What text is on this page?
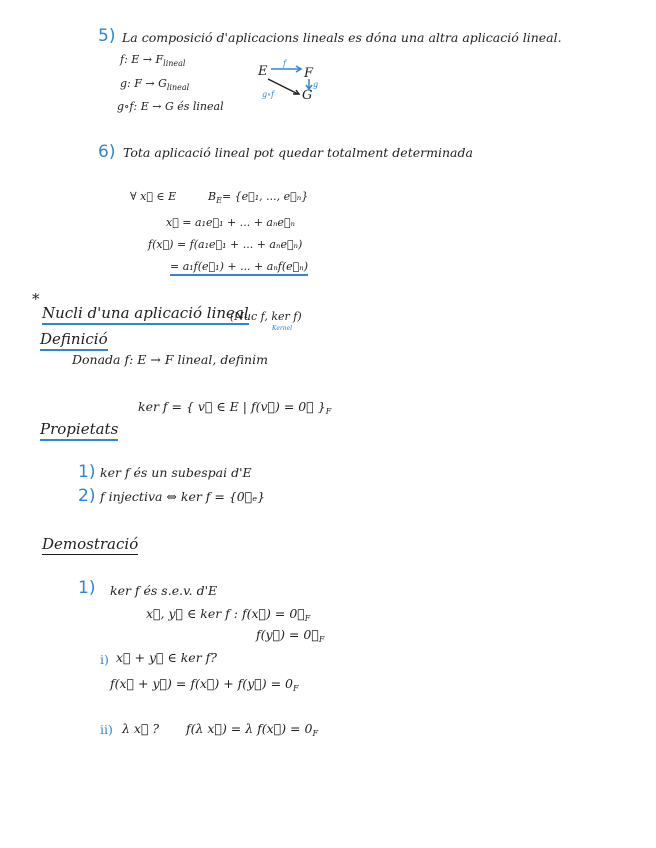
5) La composició d'aplicacions lineals es dóna una altra aplicació lineal.
f: $E \to F_{lineal}$
g: $F \to G_{lineal}$
g∘f: E → G és lineal
E	F
G
f
g
g∘f
6) Tota aplicació lineal pot quedar totalment determinada
∀ x⃗ ∈ E	$B_E=$ {e⃗₁, ..., e⃗ₙ}
x⃗ = a₁e⃗₁ + ... + aₙe⃗ₙ
f(x⃗) = f(a₁e⃗₁ + ... + aₙe⃗ₙ)
= a₁f(e⃗₁) + ... + aₙf(e⃗ₙ)
*
Nucli d'una aplicació lineal
(Nuc f, ker f)
Kernel
Definició
Donada f: E → F lineal, definim
ker f = { v⃗ ∈ E | f(v⃗) = 0⃗ }$_F$
Propietats
1) ker f és un subespai d'E
2) f injectiva ⇔ ker f = {0⃗ₑ}
Demostració
1) ker f és s.e.v. d'E
x⃗, y⃗ ∈ ker f : f(x⃗) = $0⃗_F$
f(y⃗) = $0⃗_F$
i) x⃗ + y⃗ ∈ ker f?
f(x⃗ + y⃗) = f(x⃗) + f(y⃗) = $0_F$
ii) λ x⃗ ? f(λ x⃗) = λ f(x⃗) = $0_F$
